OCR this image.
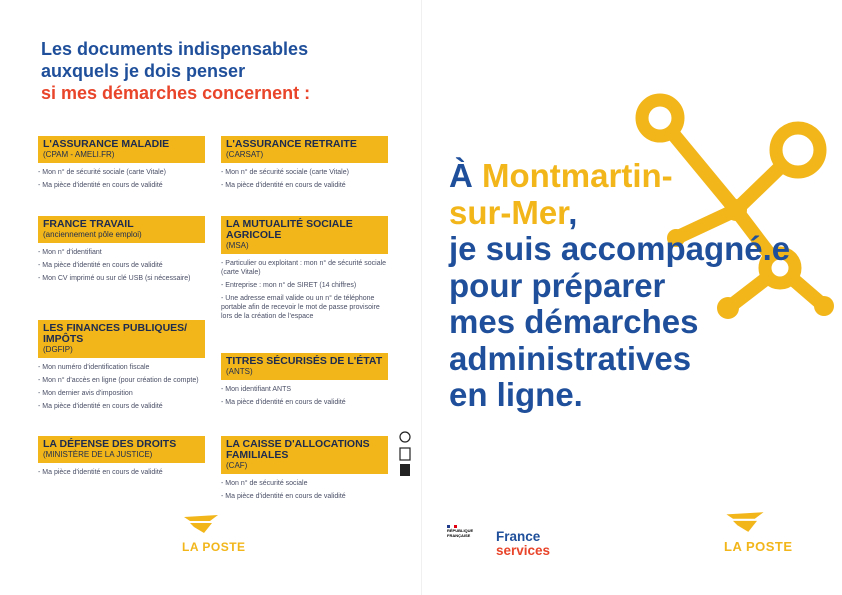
Les documents indispensables
auxquels je dois penser
si mes démarches concernent :
L'ASSURANCE MALADIE
(CPAM - AMELI.FR)
- Mon n° de sécurité sociale (carte Vitale)
- Ma pièce d'identité en cours de validité
L'ASSURANCE RETRAITE
(CARSAT)
- Mon n° de sécurité sociale (carte Vitale)
- Ma pièce d'identité en cours de validité
FRANCE TRAVAIL
(anciennement pôle emploi)
- Mon n° d'identifiant
- Ma pièce d'identité en cours de validité
- Mon CV imprimé ou sur clé USB (si nécessaire)
LA MUTUALITÉ SOCIALE AGRICOLE
(MSA)
- Particulier ou exploitant : mon n° de sécurité sociale (carte Vitale)
- Entreprise : mon n° de SIRET (14 chiffres)
- Une adresse email valide ou un n° de téléphone portable afin de recevoir le mot de passe provisoire lors de la création de l'espace
LES FINANCES PUBLIQUES/ IMPÔTS
(DGFIP)
- Mon numéro d'identification fiscale
- Mon n° d'accès en ligne (pour création de compte)
- Mon dernier avis d'imposition
- Ma pièce d'identité en cours de validité
TITRES SÉCURISÉS DE L'ÉTAT
(ANTS)
- Mon identifiant ANTS
- Ma pièce d'identité en cours de validité
LA DÉFENSE DES DROITS
(MINISTÈRE DE LA JUSTICE)
- Ma pièce d'identité en cours de validité
LA CAISSE D'ALLOCATIONS FAMILIALES
(CAF)
- Mon n° de sécurité sociale
- Ma pièce d'identité en cours de validité
LA POSTE
À Montmartin-
sur-Mer,
je suis accompagné.e
pour préparer
mes démarches
administratives
en ligne.
RÉPUBLIQUE
FRANÇAISE France
services	LA POSTE
